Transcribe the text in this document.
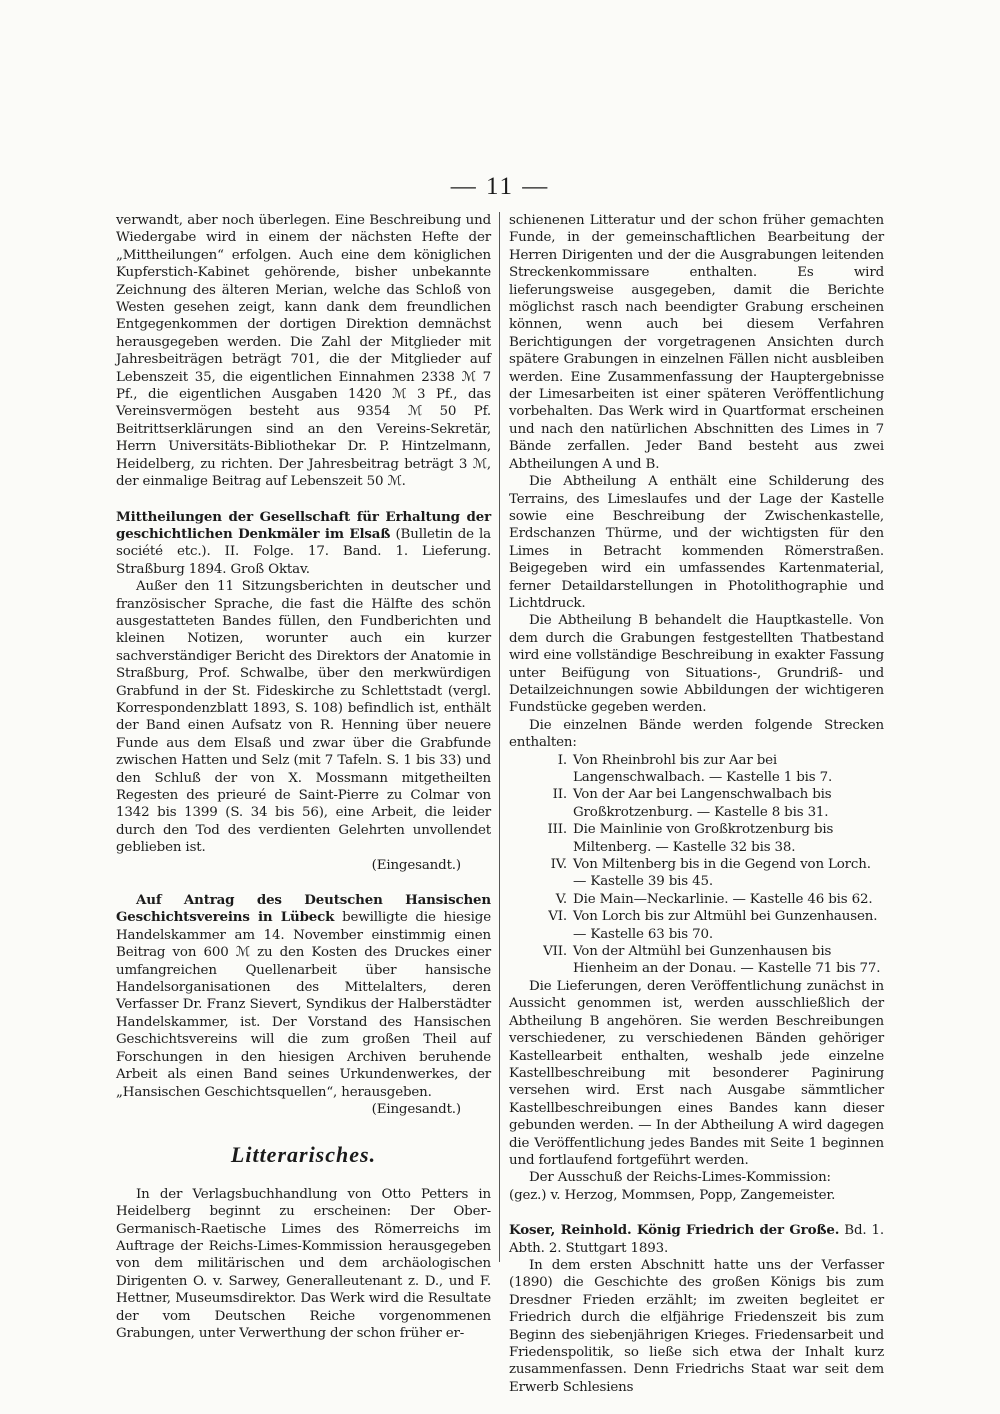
— 11 —

verwandt, aber noch überlegen. Eine Beschreibung und Wiedergabe wird in einem der nächsten Hefte der „Mittheilungen“ erfolgen. Auch eine dem königlichen Kupferstich-Kabinet gehörende, bisher unbekannte Zeichnung des älteren Merian, welche das Schloß von Westen gesehen zeigt, kann dank dem freundlichen Entgegenkommen der dortigen Direktion demnächst herausgegeben werden. Die Zahl der Mitglieder mit Jahresbeiträgen beträgt 701, die der Mitglieder auf Lebenszeit 35, die eigentlichen Einnahmen 2338 ℳ 7 Pf., die eigentlichen Ausgaben 1420 ℳ 3 Pf., das Vereinsvermögen besteht aus 9354 ℳ 50 Pf. Beitrittserklärungen sind an den Vereins-Sekretär, Herrn Universitäts-Bibliothekar Dr. P. Hintzelmann, Heidelberg, zu richten. Der Jahresbeitrag beträgt 3 ℳ, der einmalige Beitrag auf Lebenszeit 50 ℳ.

Mittheilungen der Gesellschaft für Erhaltung der geschichtlichen Denkmäler im Elsaß (Bulletin de la société etc.). II. Folge. 17. Band. 1. Lieferung. Straßburg 1894. Groß Oktav.

Außer den 11 Sitzungsberichten in deutscher und französischer Sprache, die fast die Hälfte des schön ausgestatteten Bandes füllen, den Fundberichten und kleinen Notizen, worunter auch ein kurzer sachverständiger Bericht des Direktors der Anatomie in Straßburg, Prof. Schwalbe, über den merkwürdigen Grabfund in der St. Fideskirche zu Schlettstadt (vergl. Korrespondenzblatt 1893, S. 108) befindlich ist, enthält der Band einen Aufsatz von R. Henning über neuere Funde aus dem Elsaß und zwar über die Grabfunde zwischen Hatten und Selz (mit 7 Tafeln. S. 1 bis 33) und den Schluß der von X. Mossmann mitgetheilten Regesten des prieuré de Saint-Pierre zu Colmar von 1342 bis 1399 (S. 34 bis 56), eine Arbeit, die leider durch den Tod des verdienten Gelehrten unvollendet geblieben ist.

(Eingesandt.)

Auf Antrag des Deutschen Hansischen Geschichtsvereins in Lübeck bewilligte die hiesige Handelskammer am 14. November einstimmig einen Beitrag von 600 ℳ zu den Kosten des Druckes einer umfangreichen Quellenarbeit über hansische Handelsorganisationen des Mittelalters, deren Verfasser Dr. Franz Sievert, Syndikus der Halberstädter Handelskammer, ist. Der Vorstand des Hansischen Geschichtsvereins will die zum großen Theil auf Forschungen in den hiesigen Archiven beruhende Arbeit als einen Band seines Urkundenwerkes, der „Hansischen Geschichtsquellen“, herausgeben.

(Eingesandt.)

Litterarisches.

In der Verlagsbuchhandlung von Otto Petters in Heidelberg beginnt zu erscheinen: Der Ober-Germanisch-Raetische Limes des Römerreichs im Auftrage der Reichs-Limes-Kommission herausgegeben von dem militärischen und dem archäologischen Dirigenten O. v. Sarwey, Generalleutenant z. D., und F. Hettner, Museumsdirektor. Das Werk wird die Resultate der vom Deutschen Reiche vorgenommenen Grabungen, unter Verwerthung der schon früher er-

schienenen Litteratur und der schon früher gemachten Funde, in der gemeinschaftlichen Bearbeitung der Herren Dirigenten und der die Ausgrabungen leitenden Streckenkommissare enthalten. Es wird lieferungsweise ausgegeben, damit die Berichte möglichst rasch nach beendigter Grabung erscheinen können, wenn auch bei diesem Verfahren Berichtigungen der vorgetragenen Ansichten durch spätere Grabungen in einzelnen Fällen nicht ausbleiben werden. Eine Zusammenfassung der Hauptergebnisse der Limesarbeiten ist einer späteren Veröffentlichung vorbehalten. Das Werk wird in Quartformat erscheinen und nach den natürlichen Abschnitten des Limes in 7 Bände zerfallen. Jeder Band besteht aus zwei Abtheilungen A und B.

Die Abtheilung A enthält eine Schilderung des Terrains, des Limeslaufes und der Lage der Kastelle sowie eine Beschreibung der Zwischenkastelle, Erdschanzen Thürme, und der wichtigsten für den Limes in Betracht kommenden Römerstraßen. Beigegeben wird ein umfassendes Kartenmaterial, ferner Detaildarstellungen in Photolithographie und Lichtdruck.

Die Abtheilung B behandelt die Hauptkastelle. Von dem durch die Grabungen festgestellten Thatbestand wird eine vollständige Beschreibung in exakter Fassung unter Beifügung von Situations-, Grundriß- und Detailzeichnungen sowie Abbildungen der wichtigeren Fundstücke gegeben werden.

Die einzelnen Bände werden folgende Strecken enthalten:

I. Von Rheinbrohl bis zur Aar bei Langenschwalbach. — Kastelle 1 bis 7.
II. Von der Aar bei Langenschwalbach bis Großkrotzenburg. — Kastelle 8 bis 31.
III. Die Mainlinie von Großkrotzenburg bis Miltenberg. — Kastelle 32 bis 38.
IV. Von Miltenberg bis in die Gegend von Lorch. — Kastelle 39 bis 45.
V. Die Main—Neckarlinie. — Kastelle 46 bis 62.
VI. Von Lorch bis zur Altmühl bei Gunzenhausen. — Kastelle 63 bis 70.
VII. Von der Altmühl bei Gunzenhausen bis Hienheim an der Donau. — Kastelle 71 bis 77.

Die Lieferungen, deren Veröffentlichung zunächst in Aussicht genommen ist, werden ausschließlich der Abtheilung B angehören. Sie werden Beschreibungen verschiedener, zu verschiedenen Bänden gehöriger Kastellearbeit enthalten, weshalb jede einzelne Kastellbeschreibung mit besonderer Paginirung versehen wird. Erst nach Ausgabe sämmtlicher Kastellbeschreibungen eines Bandes kann dieser gebunden werden. — In der Abtheilung A wird dagegen die Veröffentlichung jedes Bandes mit Seite 1 beginnen und fortlaufend fortgeführt werden.

Der Ausschuß der Reichs-Limes-Kommission:

(gez.) v. Herzog, Mommsen, Popp, Zangemeister.

Koser, Reinhold. König Friedrich der Große. Bd. 1. Abth. 2. Stuttgart 1893.

In dem ersten Abschnitt hatte uns der Verfasser (1890) die Geschichte des großen Königs bis zum Dresdner Frieden erzählt; im zweiten begleitet er Friedrich durch die elfjährige Friedenszeit bis zum Beginn des siebenjährigen Krieges. Friedensarbeit und Friedenspolitik, so ließe sich etwa der Inhalt kurz zusammenfassen. Denn Friedrichs Staat war seit dem Erwerb Schlesiens
